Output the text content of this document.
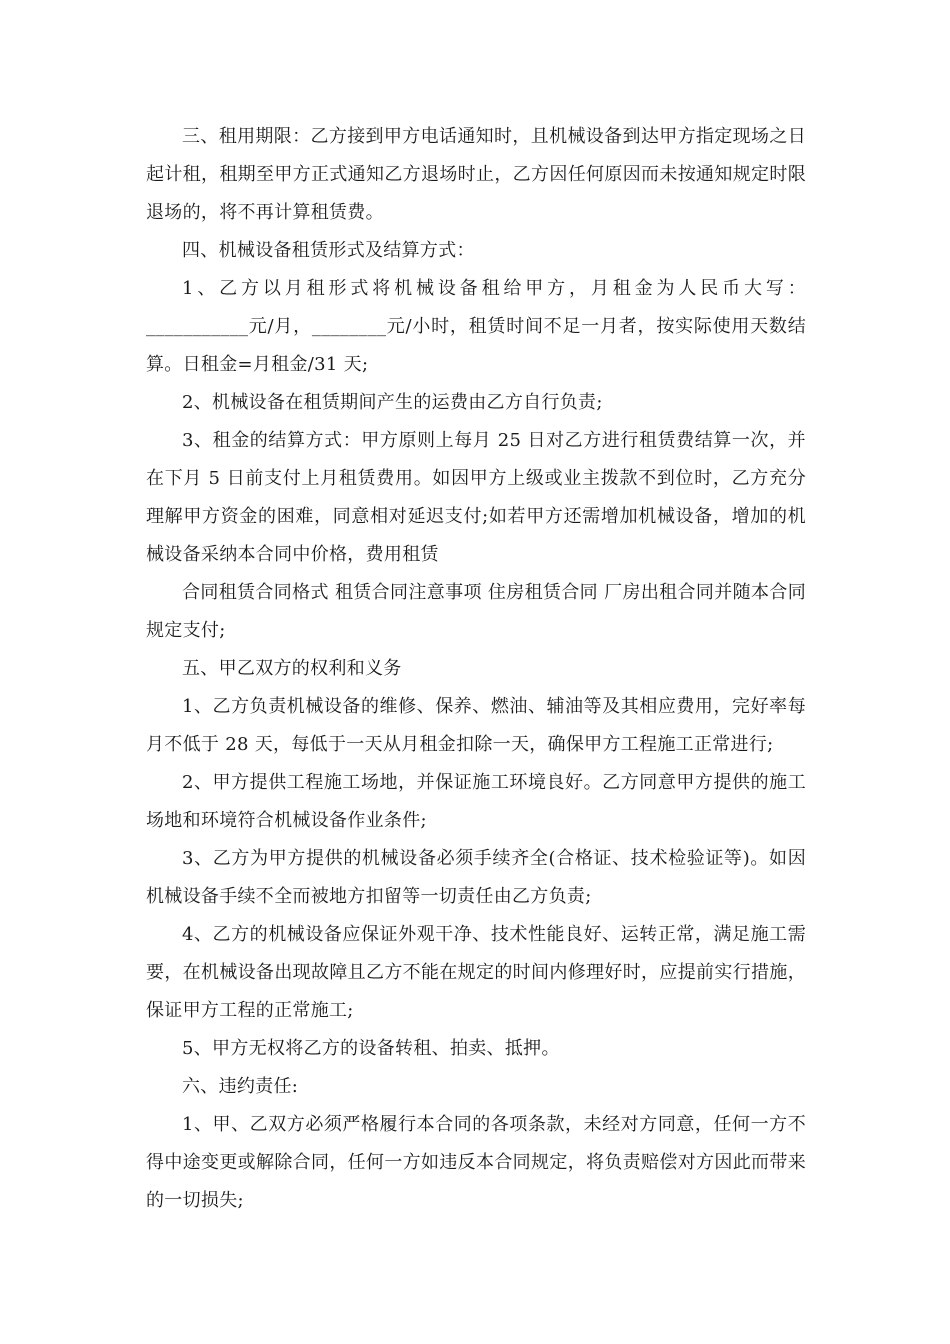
三、租用期限：乙方接到甲方电话通知时，且机械设备到达甲方指定现场之日起计租，租期至甲方正式通知乙方退场时止，乙方因任何原因而未按通知规定时限退场的，将不再计算租赁费。

四、机械设备租赁形式及结算方式：

1、乙方以月租形式将机械设备租给甲方，月租金为人民币大写：___________元/月，________元/小时，租赁时间不足一月者，按实际使用天数结算。日租金=月租金/31 天;

2、机械设备在租赁期间产生的运费由乙方自行负责;

3、租金的结算方式：甲方原则上每月 25 日对乙方进行租赁费结算一次，并在下月 5 日前支付上月租赁费用。如因甲方上级或业主拨款不到位时，乙方充分理解甲方资金的困难，同意相对延迟支付;如若甲方还需增加机械设备，增加的机械设备采纳本合同中价格，费用租赁

合同租赁合同格式 租赁合同注意事项 住房租赁合同 厂房出租合同并随本合同规定支付;

五、甲乙双方的权利和义务

1、乙方负责机械设备的维修、保养、燃油、辅油等及其相应费用，完好率每月不低于 28 天，每低于一天从月租金扣除一天，确保甲方工程施工正常进行;

2、甲方提供工程施工场地，并保证施工环境良好。乙方同意甲方提供的施工场地和环境符合机械设备作业条件;

3、乙方为甲方提供的机械设备必须手续齐全(合格证、技术检验证等)。如因机械设备手续不全而被地方扣留等一切责任由乙方负责;

4、乙方的机械设备应保证外观干净、技术性能良好、运转正常，满足施工需要，在机械设备出现故障且乙方不能在规定的时间内修理好时，应提前实行措施，保证甲方工程的正常施工;

5、甲方无权将乙方的设备转租、拍卖、抵押。

六、违约责任:

1、甲、乙双方必须严格履行本合同的各项条款，未经对方同意，任何一方不得中途变更或解除合同，任何一方如违反本合同规定，将负责赔偿对方因此而带来的一切损失;
